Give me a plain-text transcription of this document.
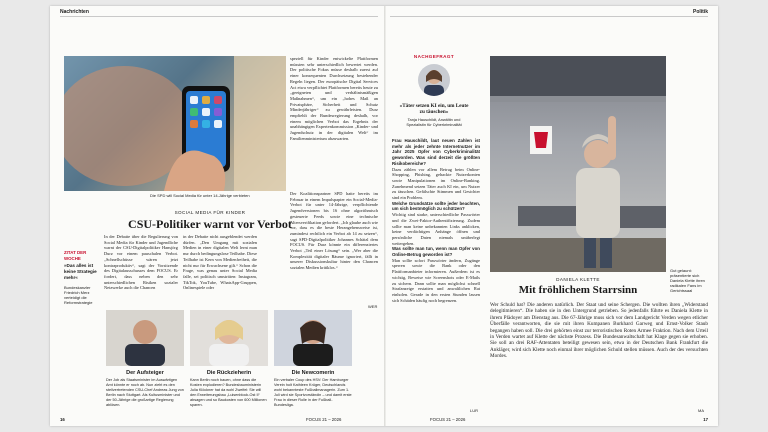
Nachrichten	Politik
Die SPD will Social Media für unter 14-Jährige verbieten
SOCIAL MEDIA FÜR KINDER
CSU-Politiker warnt vor Verbot
ZITAT DER WOCHE
»Das alles ist keine Strategie mehr«
Bundeskanzler Friedrich Merz verteidigt die Reformstrategie

In der Debatte über die Regulierung von Social Media für Kinder und Jugendliche warnt der CSU-Digitalpolitiker Hansjörg Durz vor einem pauschalen Verbot. „Schnellschüsse wären jetzt kontraproduktiv“, sagt der Vorsitzende des Digitalausschusses dem FOCUS. Er fordert, dass neben den sehr unterschiedlichen Risiken sozialer Netzwerke auch die Chancen

in der Debatte nicht ausgeblendet werden dürfen. „Den Umgang mit sozialen Medien in einer digitalen Welt lernt man nur durch bedingungslose Teilhabe. Diese Teilhabe ist Kern von Medienfreiheit, die nicht nur für Erwachsene gilt.“ Schon die Frage, was genau unter Social Media falle, sei politisch umstritten: Instagram, TikTok, YouTube, WhatsApp-Gruppen, Onlinespiele oder

speziell für Kinder entwickelte Plattformen müssten sehr unterschiedlich bewertet werden. Der politische Fokus müsse deshalb zuerst auf einer konsequenten Durchsetzung bestehender Regeln liegen. Der europäische Digital Services Act etwa verpflichtet Plattformen bereits heute zu „geeigneten und verhältnismäßigen Maßnahmen“, um ein „hohes Maß an Privatsphäre, Sicherheit und Schutz Minderjähriger“ zu gewährleisten. Durz empfiehlt der Bundesregierung deshalb, vor einem möglichen Verbot das Ergebnis der unabhängigen Expertenkommission „Kinder- und Jugendschutz in der digitalen Welt“ im Familienministerium abzuwarten.

Der Koalitionspartner SPD hatte bereits im Februar in einem Impulspapier ein Social-Media-Verbot für unter 14-Jährige, verpflichtende Jugendversionen bis 16 ohne algorithmisch gesteuerte Feeds sowie eine technische Altersverifikation gefordert. „Ich glaube auch wie vor, dass es die beste Herangehensweise ist, zumindest rechtlich ein Verbot ab 14 zu setzen“, sagt SPD-Digitalpolitiker Johannes Schätzl dem FOCUS. Für Durz könnte ein differenziertes Verbot „Teil einer Lösung“ sein. „Wer aber die Komplexität digitaler Räume ignoriert, fällt in unserer Diskussionskultur hinter den Chancen sozialen Medien kritiklos.“

WER
Der Aufsteiger
Der Job als Staatsminister im Auswärtigen Amt könnte er noch ab. Nun zieht es den stellvertretenden CSU-Chef Andreas Jung von Berlin nach Stuttgart. Als Kultusminister und der 50-Jährige die großartige Regierung ablösen.
Die Rückzieherin
Kann Berlin noch bauen, ohne dass die Kosten explodieren? Bundesbauministerin Julia Klöckner hat da wohl Zweifel: Sie will den Erweiterungsbau „Luisenblock-Ost II“ absagen und so Baukosten von 600 Millionen sparen.
Die Newcomerin
Ein verbaler Coup des HSV: Der Hamburger Verein holt Kathleen Krüger, Deutschlands wohl bekannteste Fußballmanagerin. Zum 1. Juli wird sie Sportvorständin – und damit erste Frau in dieser Rolle in der Fußball-Bundesliga.
16	FOCUS 21 – 2026
NACHGEFRAGT
»Täter setzen KI ein, um Leute zu täuschen«
Tanja Hauschildt, Anwältin und Spezialistin für Cyberkriminalität

Frau Hauschildt, laut neuen Zahlen ist mehr als jeder zehnte Internetnutzer im Jahr 2025 Opfer von Cyberkriminalität geworden. Was sind derzeit die größten Risikobereiche?

Dazu zählen vor allem Betrug beim Online-Shopping, Phishing, gehackte Nutzerkonten sowie Manipulationen im Online-Banking. Zunehmend setzen Täter auch KI ein, um Nutzer zu täuschen. Gefälschte Stimmen und Gesichter sind ein Problem.

Welche Grundsätze sollte jeder beachten, um sich bestmöglich zu schützen?

Wichtig sind starke, unterschiedliche Passwörter und die Zwei-Faktor-Authentifizierung. Zudem sollte man keine unbekannten Links anklicken, keine verdächtigen Anhänge öffnen und persönliche Daten niemals unüberlegt weitergeben.

Was sollte man tun, wenn man Opfer von Online-Betrug geworden ist?

Man sollte sofort Passwörter ändern, Zugänge sperren sowie die Bank oder den Plattformanbieter informieren. Außerdem ist es wichtig, Beweise wie Screenshots oder E-Mails zu sichern. Dann sollte man möglichst schnell Strafanzeige erstatten und anwaltlichen Rat einholen. Gerade in den ersten Stunden lassen sich Schäden häufig noch begrenzen.

LUR
Gut gelaunt: präsentierte sich Daniela Klette ihren radikalen Fans im Gerichtssaal
DANIELA KLETTE
Mit fröhlichem Starrsinn

Wer Schuld hat? Die anderen natürlich. Der Staat und seine Schergen. Die wollten ihren „Widerstand delegitimieren“. Die haben sie in den Untergrund getrieben. So jedenfalls führte es Daniela Klette in ihrem Plädoyer am Dienstag aus. Die 67-Jährige muss sich vor dem Landgericht Verden wegen etlicher Überfälle verantworten, die sie mit ihren Kumpanen Burkhard Garweg und Ernst-Volker Staub begangen haben soll. Die drei gehörten einst zur terroristischen Roten Armee Fraktion. Nach dem Urteil in Verden wartet auf Klette der nächste Prozess. Die Bundesanwaltschaft hat Klage gegen sie erhoben. Sie soll an drei RAF-Attentaten beteiligt gewesen sein, etwa in der Deutschen Bank Frankfurt die Ankläger, wird sich Klette noch einmal ihrer möglichen Schuld stellen müssen. Auch der des versuchten Mordes.

MA
FOCUS 21 – 2026	17
